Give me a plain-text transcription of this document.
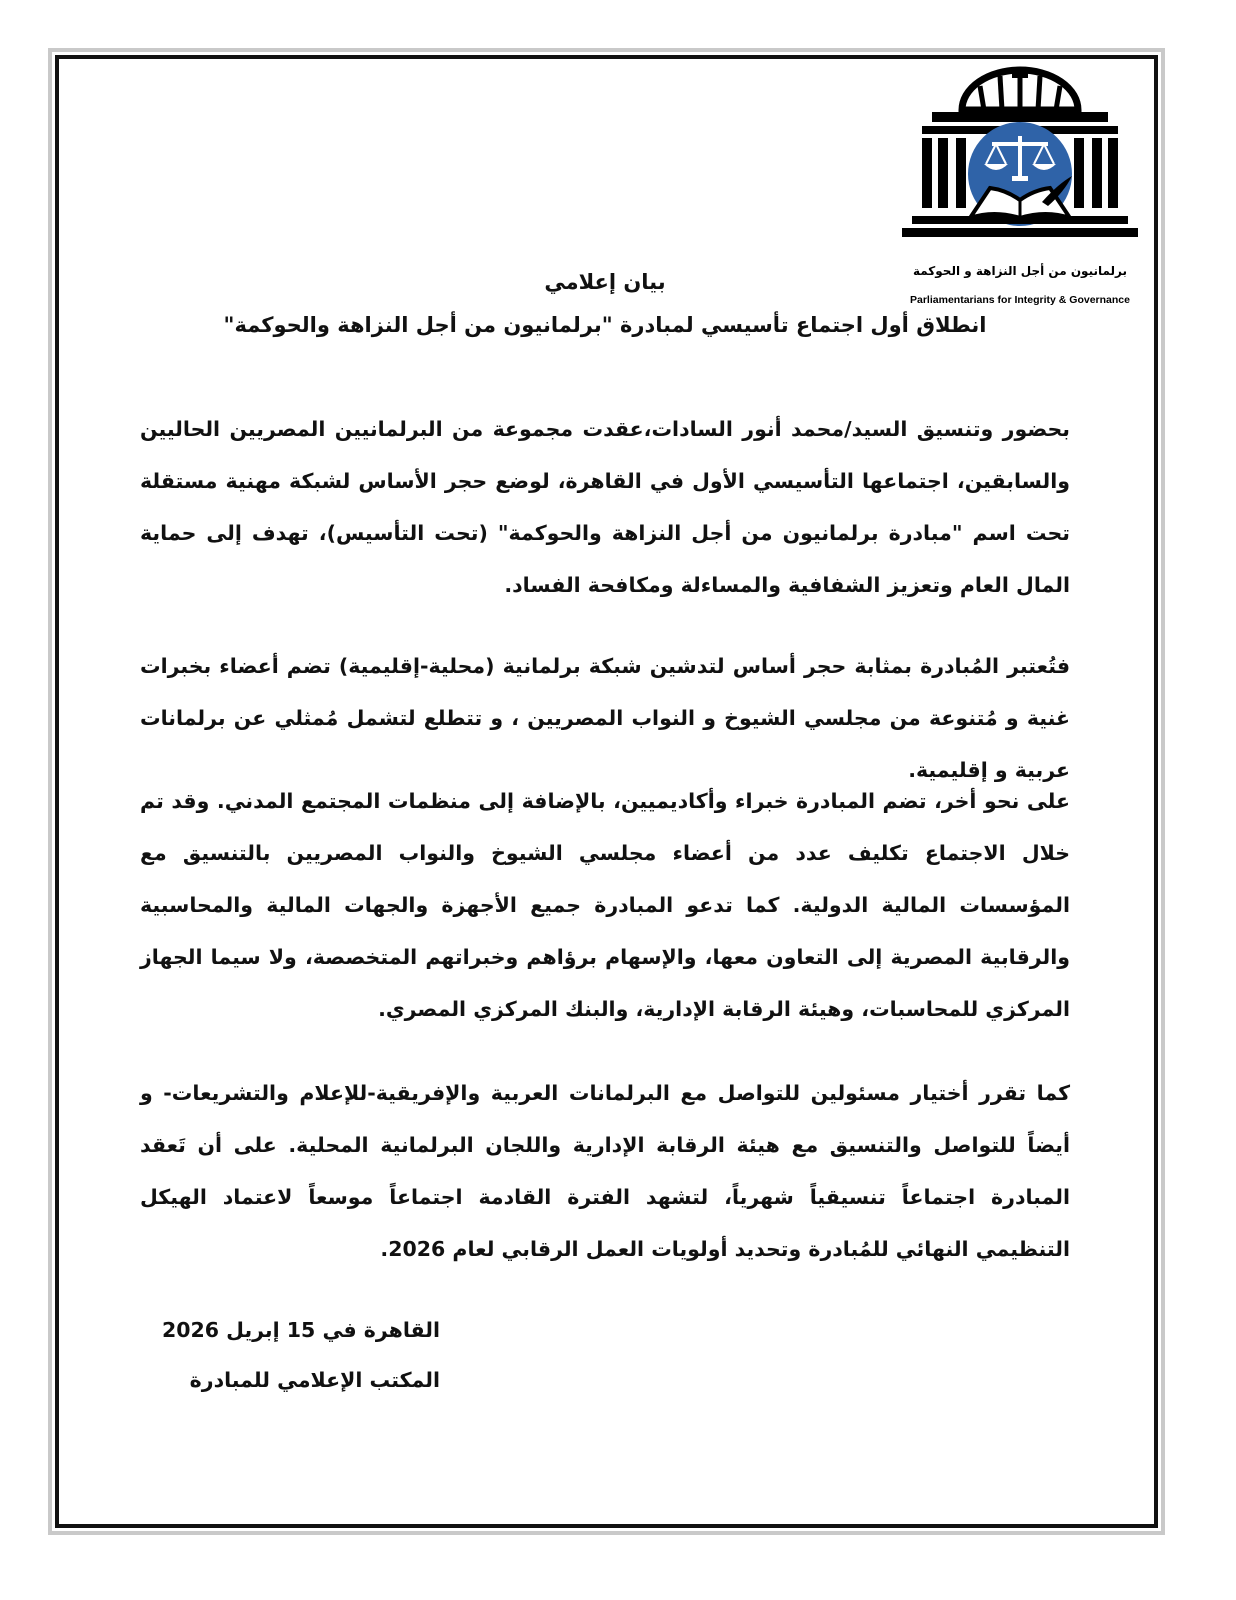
برلمانيون من أجل النزاهة و الحوكمة
Parliamentarians for Integrity & Governance
بيان إعلامي
انطلاق أول اجتماع تأسيسي لمبادرة "برلمانيون من أجل النزاهة والحوكمة"

بحضور وتنسيق السيد/محمد أنور السادات،عقدت مجموعة من البرلمانيين المصريين الحاليين والسابقين، اجتماعها التأسيسي الأول في القاهرة، لوضع حجر الأساس لشبكة مهنية مستقلة تحت اسم "مبادرة برلمانيون من أجل النزاهة والحوكمة" (تحت التأسيس)، تهدف إلى حماية المال العام وتعزيز الشفافية والمساءلة ومكافحة الفساد.

فتُعتبر المُبادرة بمثابة حجر أساس لتدشين شبكة برلمانية (محلية-إقليمية) تضم أعضاء بخبرات غنية و مُتنوعة من مجلسي الشيوخ و النواب المصريين ، و تتطلع لتشمل مُمثلي عن برلمانات عربية و إقليمية.

على نحو أخر، تضم المبادرة خبراء وأكاديميين، بالإضافة إلى منظمات المجتمع المدني. وقد تم خلال الاجتماع تكليف عدد من أعضاء مجلسي الشيوخ والنواب المصريين بالتنسيق مع المؤسسات المالية الدولية. كما تدعو المبادرة جميع الأجهزة والجهات المالية والمحاسبية والرقابية المصرية إلى التعاون معها، والإسهام برؤاهم وخبراتهم المتخصصة، ولا سيما الجهاز المركزي للمحاسبات، وهيئة الرقابة الإدارية، والبنك المركزي المصري.

كما تقرر أختيار مسئولين للتواصل مع البرلمانات العربية والإفريقية-للإعلام والتشريعات- و أيضاً للتواصل والتنسيق مع هيئة الرقابة الإدارية واللجان البرلمانية المحلية. على أن تَعقد المبادرة اجتماعاً تنسيقياً شهرياً، لتشهد الفترة القادمة اجتماعاً موسعاً لاعتماد الهيكل التنظيمي النهائي للمُبادرة وتحديد أولويات العمل الرقابي لعام 2026.

القاهرة في 15 إبريل 2026

المكتب الإعلامي للمبادرة
